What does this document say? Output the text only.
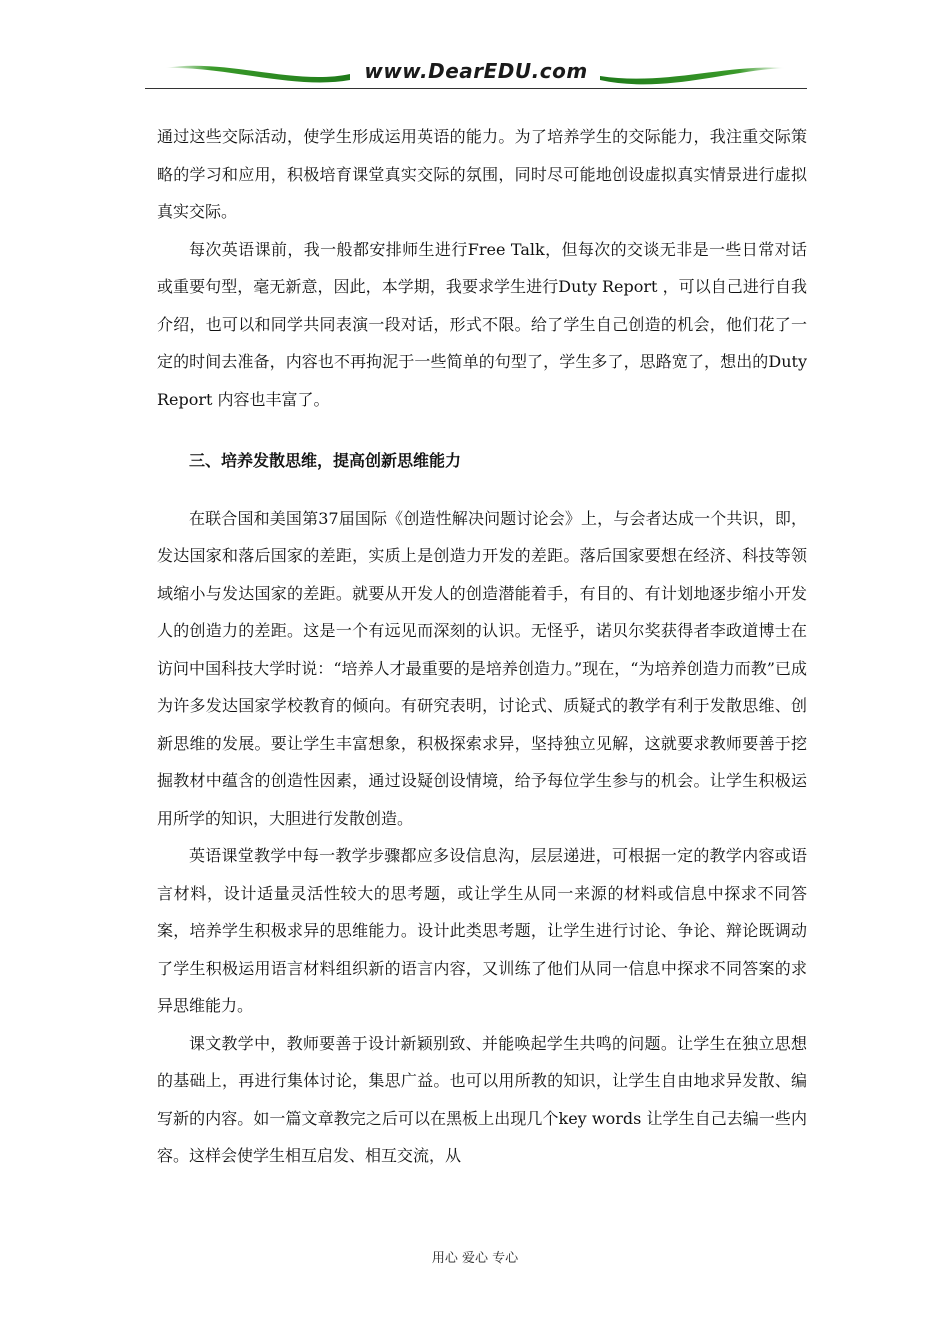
www.DearEDU.com

通过这些交际活动，使学生形成运用英语的能力。为了培养学生的交际能力，我注重交际策略的学习和应用，积极培育课堂真实交际的氛围，同时尽可能地创设虚拟真实情景进行虚拟真实交际。

每次英语课前，我一般都安排师生进行Free Talk，但每次的交谈无非是一些日常对话或重要句型，毫无新意，因此，本学期，我要求学生进行Duty Report ，可以自己进行自我介绍，也可以和同学共同表演一段对话，形式不限。给了学生自己创造的机会，他们花了一定的时间去准备，内容也不再拘泥于一些简单的句型了，学生多了，思路宽了，想出的Duty Report 内容也丰富了。

三、培养发散思维，提高创新思维能力

在联合国和美国第37届国际《创造性解决问题讨论会》上，与会者达成一个共识，即，发达国家和落后国家的差距，实质上是创造力开发的差距。落后国家要想在经济、科技等领域缩小与发达国家的差距。就要从开发人的创造潜能着手，有目的、有计划地逐步缩小开发人的创造力的差距。这是一个有远见而深刻的认识。无怪乎，诺贝尔奖获得者李政道博士在访问中国科技大学时说：“培养人才最重要的是培养创造力。”现在，“为培养创造力而教”已成为许多发达国家学校教育的倾向。有研究表明，讨论式、质疑式的教学有利于发散思维、创新思维的发展。要让学生丰富想象，积极探索求异，坚持独立见解，这就要求教师要善于挖掘教材中蕴含的创造性因素，通过设疑创设情境，给予每位学生参与的机会。让学生积极运用所学的知识，大胆进行发散创造。

英语课堂教学中每一教学步骤都应多设信息沟，层层递进，可根据一定的教学内容或语言材料，设计适量灵活性较大的思考题，或让学生从同一来源的材料或信息中探求不同答案，培养学生积极求异的思维能力。设计此类思考题，让学生进行讨论、争论、辩论既调动了学生积极运用语言材料组织新的语言内容，又训练了他们从同一信息中探求不同答案的求异思维能力。

课文教学中，教师要善于设计新颖别致、并能唤起学生共鸣的问题。让学生在独立思想的基础上，再进行集体讨论，集思广益。也可以用所教的知识，让学生自由地求异发散、编写新的内容。如一篇文章教完之后可以在黑板上出现几个key words 让学生自己去编一些内容。这样会使学生相互启发、相互交流，从

用心 爱心 专心
